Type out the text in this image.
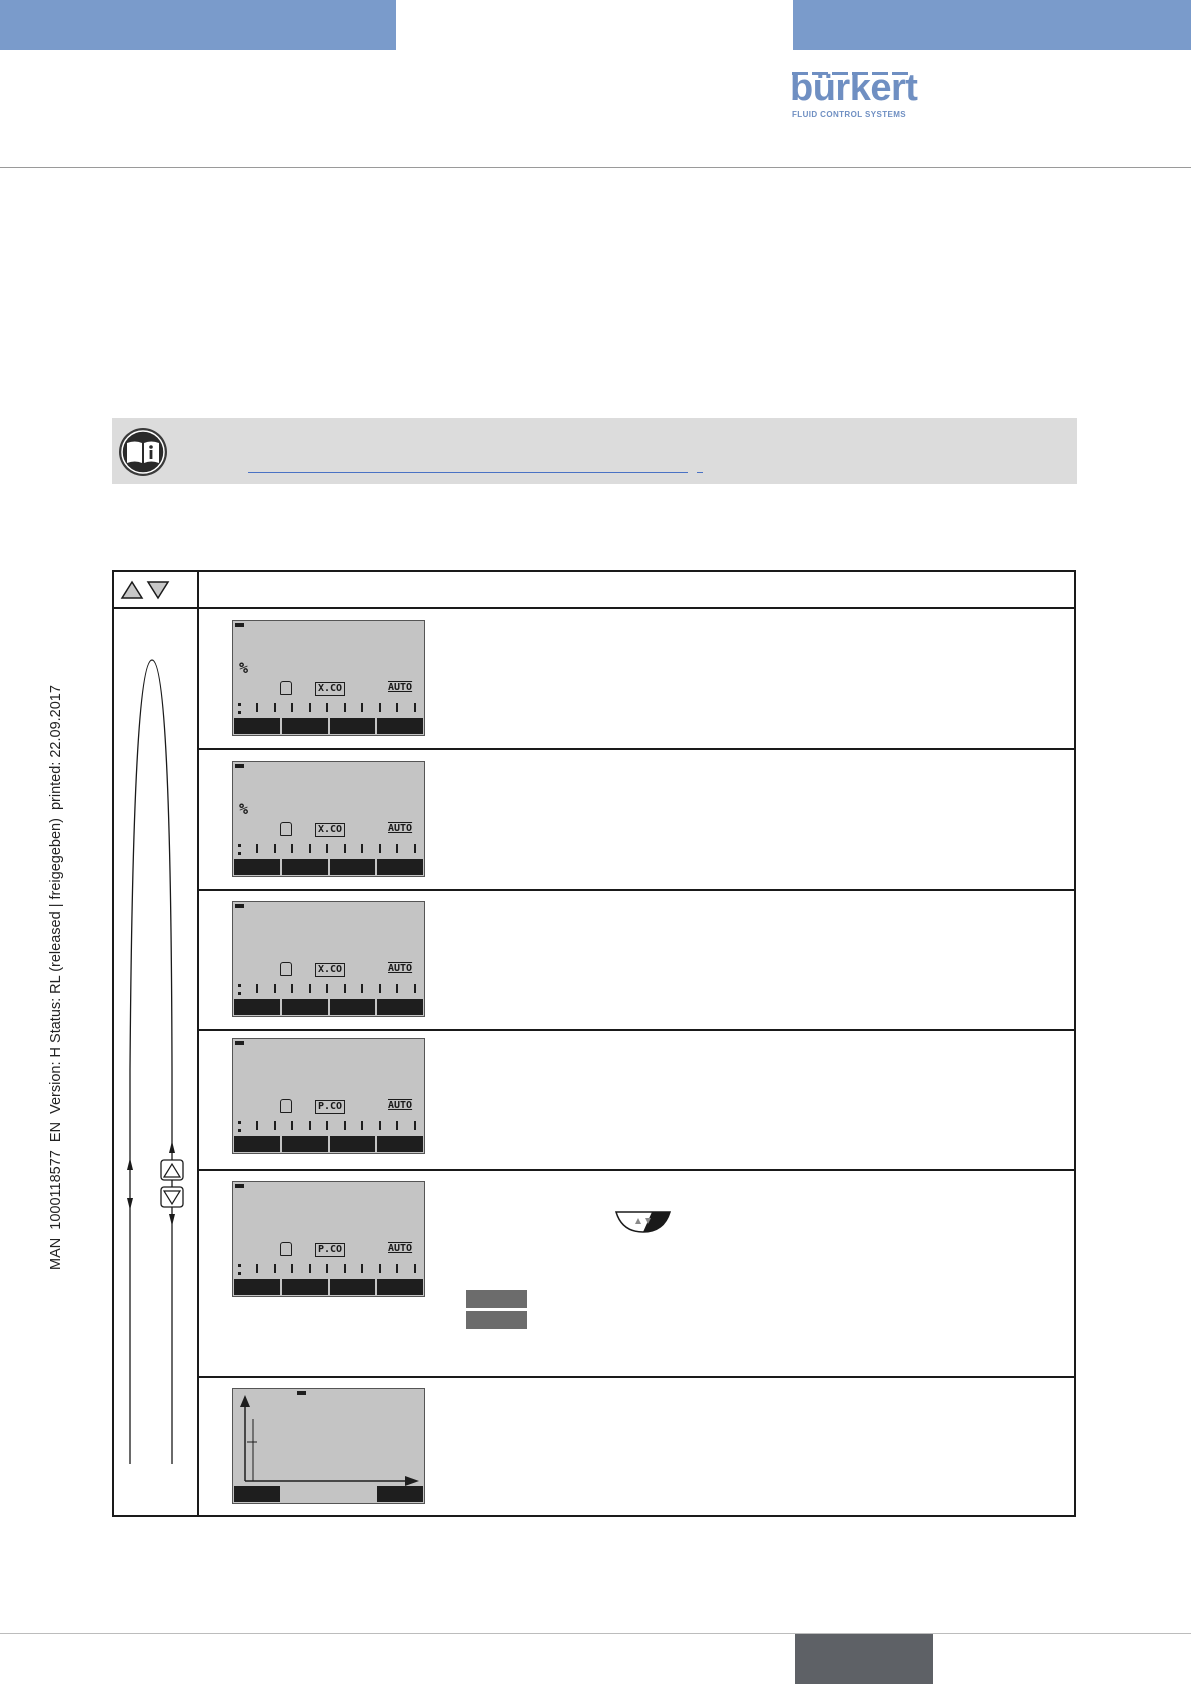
bürkert
FLUID CONTROL SYSTEMS
MAN  1000118577  EN  Version: H Status: RL (released | freigegeben)  printed: 22.09.2017
%
X.CO	AUTO
%
X.CO	AUTO
X.CO	AUTO
P.CO	AUTO
P.CO	AUTO
